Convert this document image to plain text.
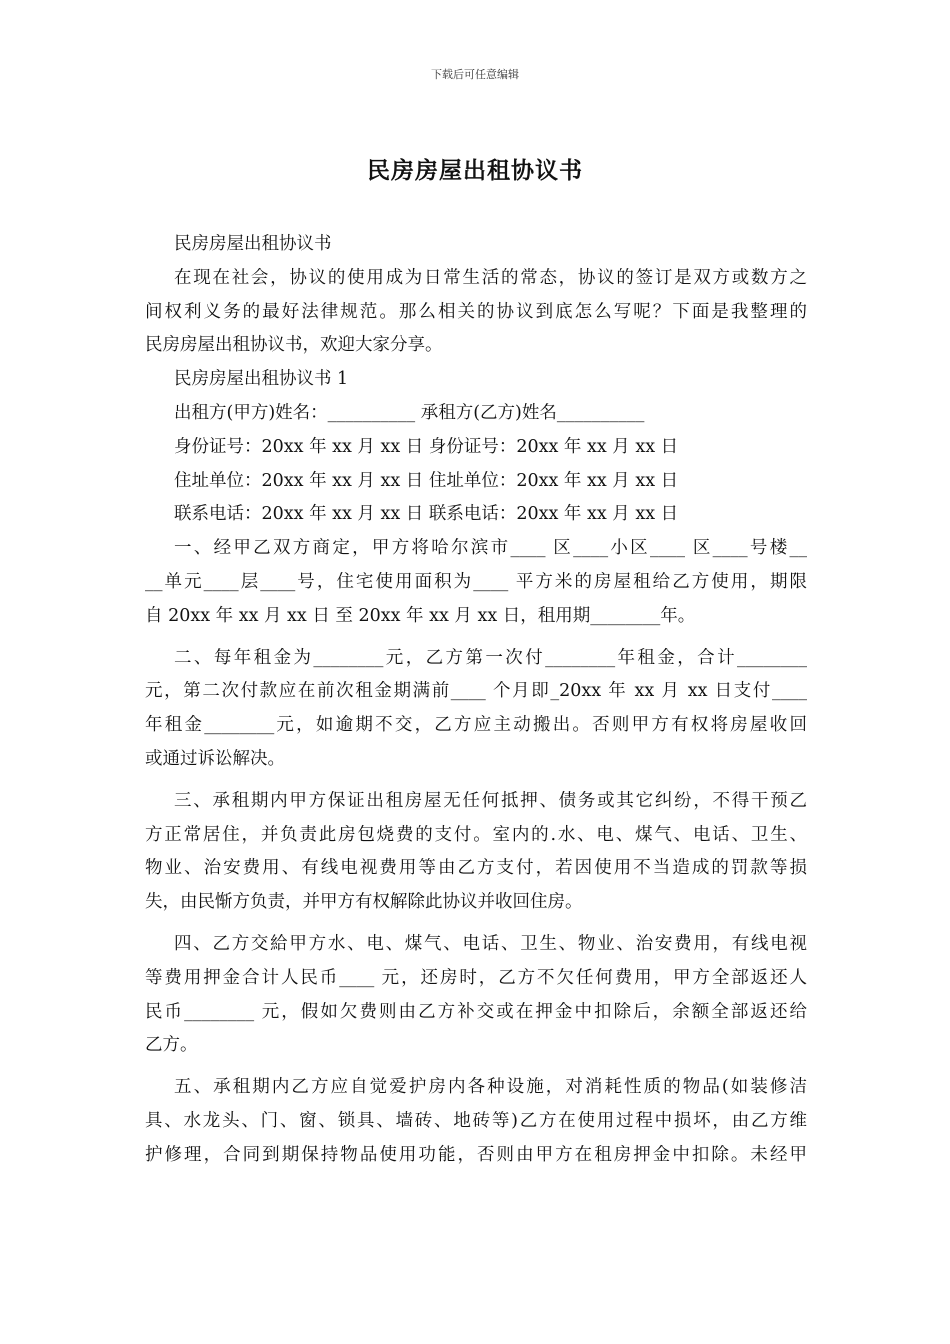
下载后可任意编辑
民房房屋出租协议书
民房房屋出租协议书
在现在社会，协议的使用成为日常生活的常态，协议的签订是双方或数方之
间权利义务的最好法律规范。那么相关的协议到底怎么写呢？下面是我整理的
民房房屋出租协议书，欢迎大家分享。
民房房屋出租协议书 1
出租方(甲方)姓名：__________ 承租方(乙方)姓名__________
身份证号：20xx 年 xx 月 xx 日 身份证号：20xx 年 xx 月 xx 日
住址单位：20xx 年 xx 月 xx 日 住址单位：20xx 年 xx 月 xx 日
联系电话：20xx 年 xx 月 xx 日 联系电话：20xx 年 xx 月 xx 日
一、经甲乙双方商定，甲方将哈尔滨市____ 区____小区____ 区____号楼__
__单元____层____号，住宅使用面积为____ 平方米的房屋租给乙方使用，期限
自 20xx 年 xx 月 xx 日 至 20xx 年 xx 月 xx 日，租用期________年。
二、每年租金为________元，乙方第一次付________年租金，合计________
元，第二次付款应在前次租金期满前____ 个月即_20xx 年 xx 月 xx 日支付____
年租金________元，如逾期不交，乙方应主动搬出。否则甲方有权将房屋收回
或通过诉讼解决。
三、承租期内甲方保证出租房屋无任何抵押、债务或其它纠纷，不得干预乙
方正常居住，并负责此房包烧费的支付。室内的.水、电、煤气、电话、卫生、
物业、治安费用、有线电视费用等由乙方支付，若因使用不当造成的罚款等损
失，由民惭方负责，并甲方有权解除此协议并收回住房。
四、乙方交給甲方水、电、煤气、电话、卫生、物业、治安费用，有线电视
等费用押金合计人民币____ 元，还房时，乙方不欠任何费用，甲方全部返还人
民币________ 元，假如欠费则由乙方补交或在押金中扣除后，余额全部返还给
乙方。
五、承租期内乙方应自觉爱护房内各种设施，对消耗性质的物品(如装修洁
具、水龙头、门、窗、锁具、墙砖、地砖等)乙方在使用过程中损坏，由乙方维
护修理，合同到期保持物品使用功能，否则由甲方在租房押金中扣除。未经甲
